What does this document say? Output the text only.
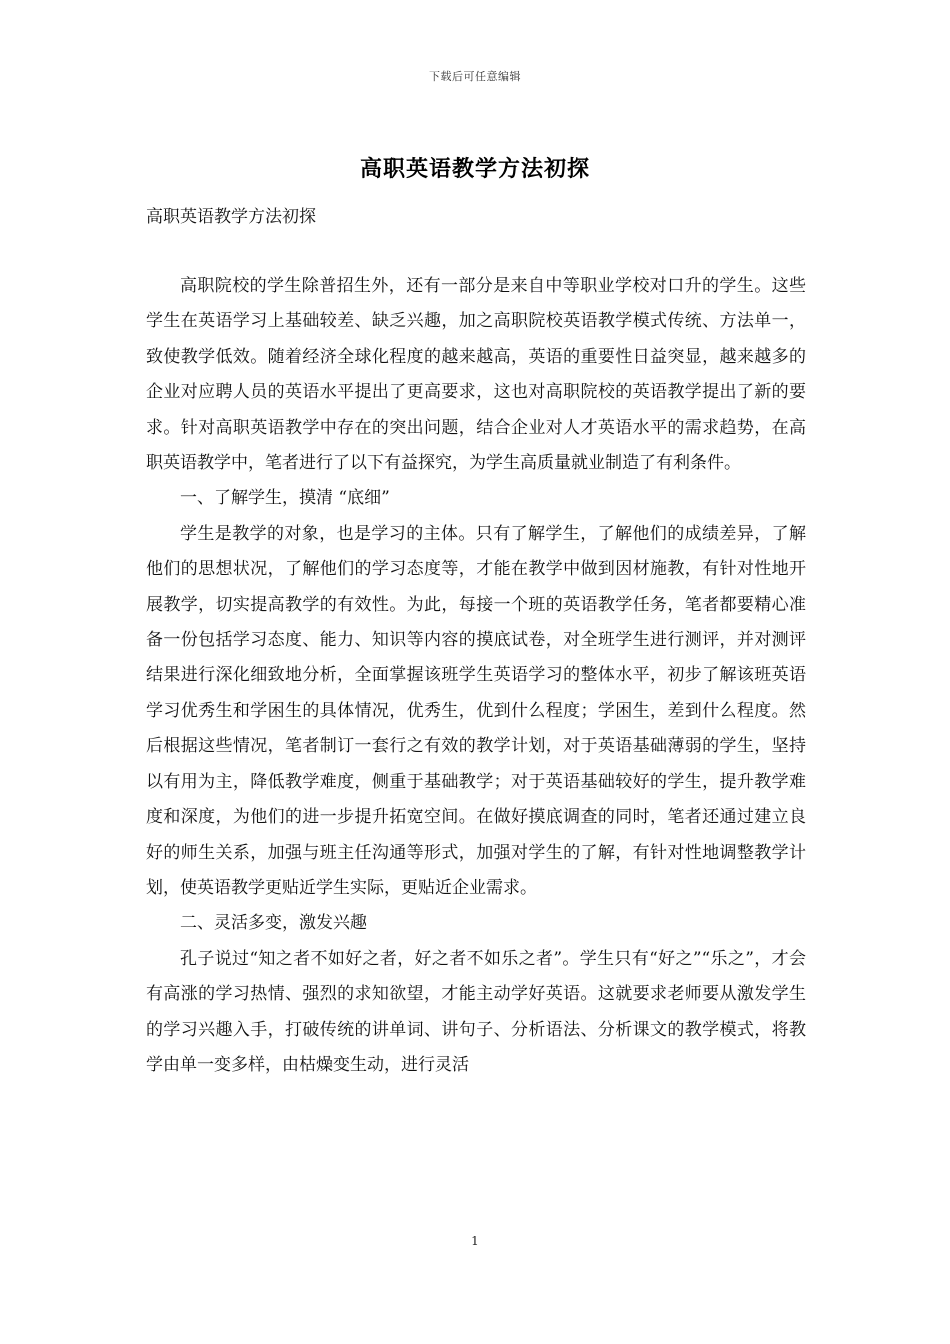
下载后可任意编辑
高职英语教学方法初探
高职英语教学方法初探

高职院校的学生除普招生外，还有一部分是来自中等职业学校对口升的学生。这些学生在英语学习上基础较差、缺乏兴趣，加之高职院校英语教学模式传统、方法单一，致使教学低效。随着经济全球化程度的越来越高，英语的重要性日益突显，越来越多的企业对应聘人员的英语水平提出了更高要求，这也对高职院校的英语教学提出了新的要求。针对高职英语教学中存在的突出问题，结合企业对人才英语水平的需求趋势，在高职英语教学中，笔者进行了以下有益探究，为学生高质量就业制造了有利条件。

一、了解学生，摸清 “底细”

学生是教学的对象，也是学习的主体。只有了解学生，了解他们的成绩差异，了解他们的思想状况，了解他们的学习态度等，才能在教学中做到因材施教，有针对性地开展教学，切实提高教学的有效性。为此，每接一个班的英语教学任务，笔者都要精心准备一份包括学习态度、能力、知识等内容的摸底试卷，对全班学生进行测评，并对测评结果进行深化细致地分析，全面掌握该班学生英语学习的整体水平，初步了解该班英语学习优秀生和学困生的具体情况，优秀生，优到什么程度；学困生，差到什么程度。然后根据这些情况，笔者制订一套行之有效的教学计划，对于英语基础薄弱的学生，坚持以有用为主，降低教学难度，侧重于基础教学；对于英语基础较好的学生，提升教学难度和深度，为他们的进一步提升拓宽空间。在做好摸底调查的同时，笔者还通过建立良好的师生关系，加强与班主任沟通等形式，加强对学生的了解，有针对性地调整教学计划，使英语教学更贴近学生实际，更贴近企业需求。

二、灵活多变，激发兴趣

孔子说过“知之者不如好之者，好之者不如乐之者”。学生只有“好之”“乐之”，才会有高涨的学习热情、强烈的求知欲望，才能主动学好英语。这就要求老师要从激发学生的学习兴趣入手，打破传统的讲单词、讲句子、分析语法、分析课文的教学模式，将教学由单一变多样，由枯燥变生动，进行灵活

1
